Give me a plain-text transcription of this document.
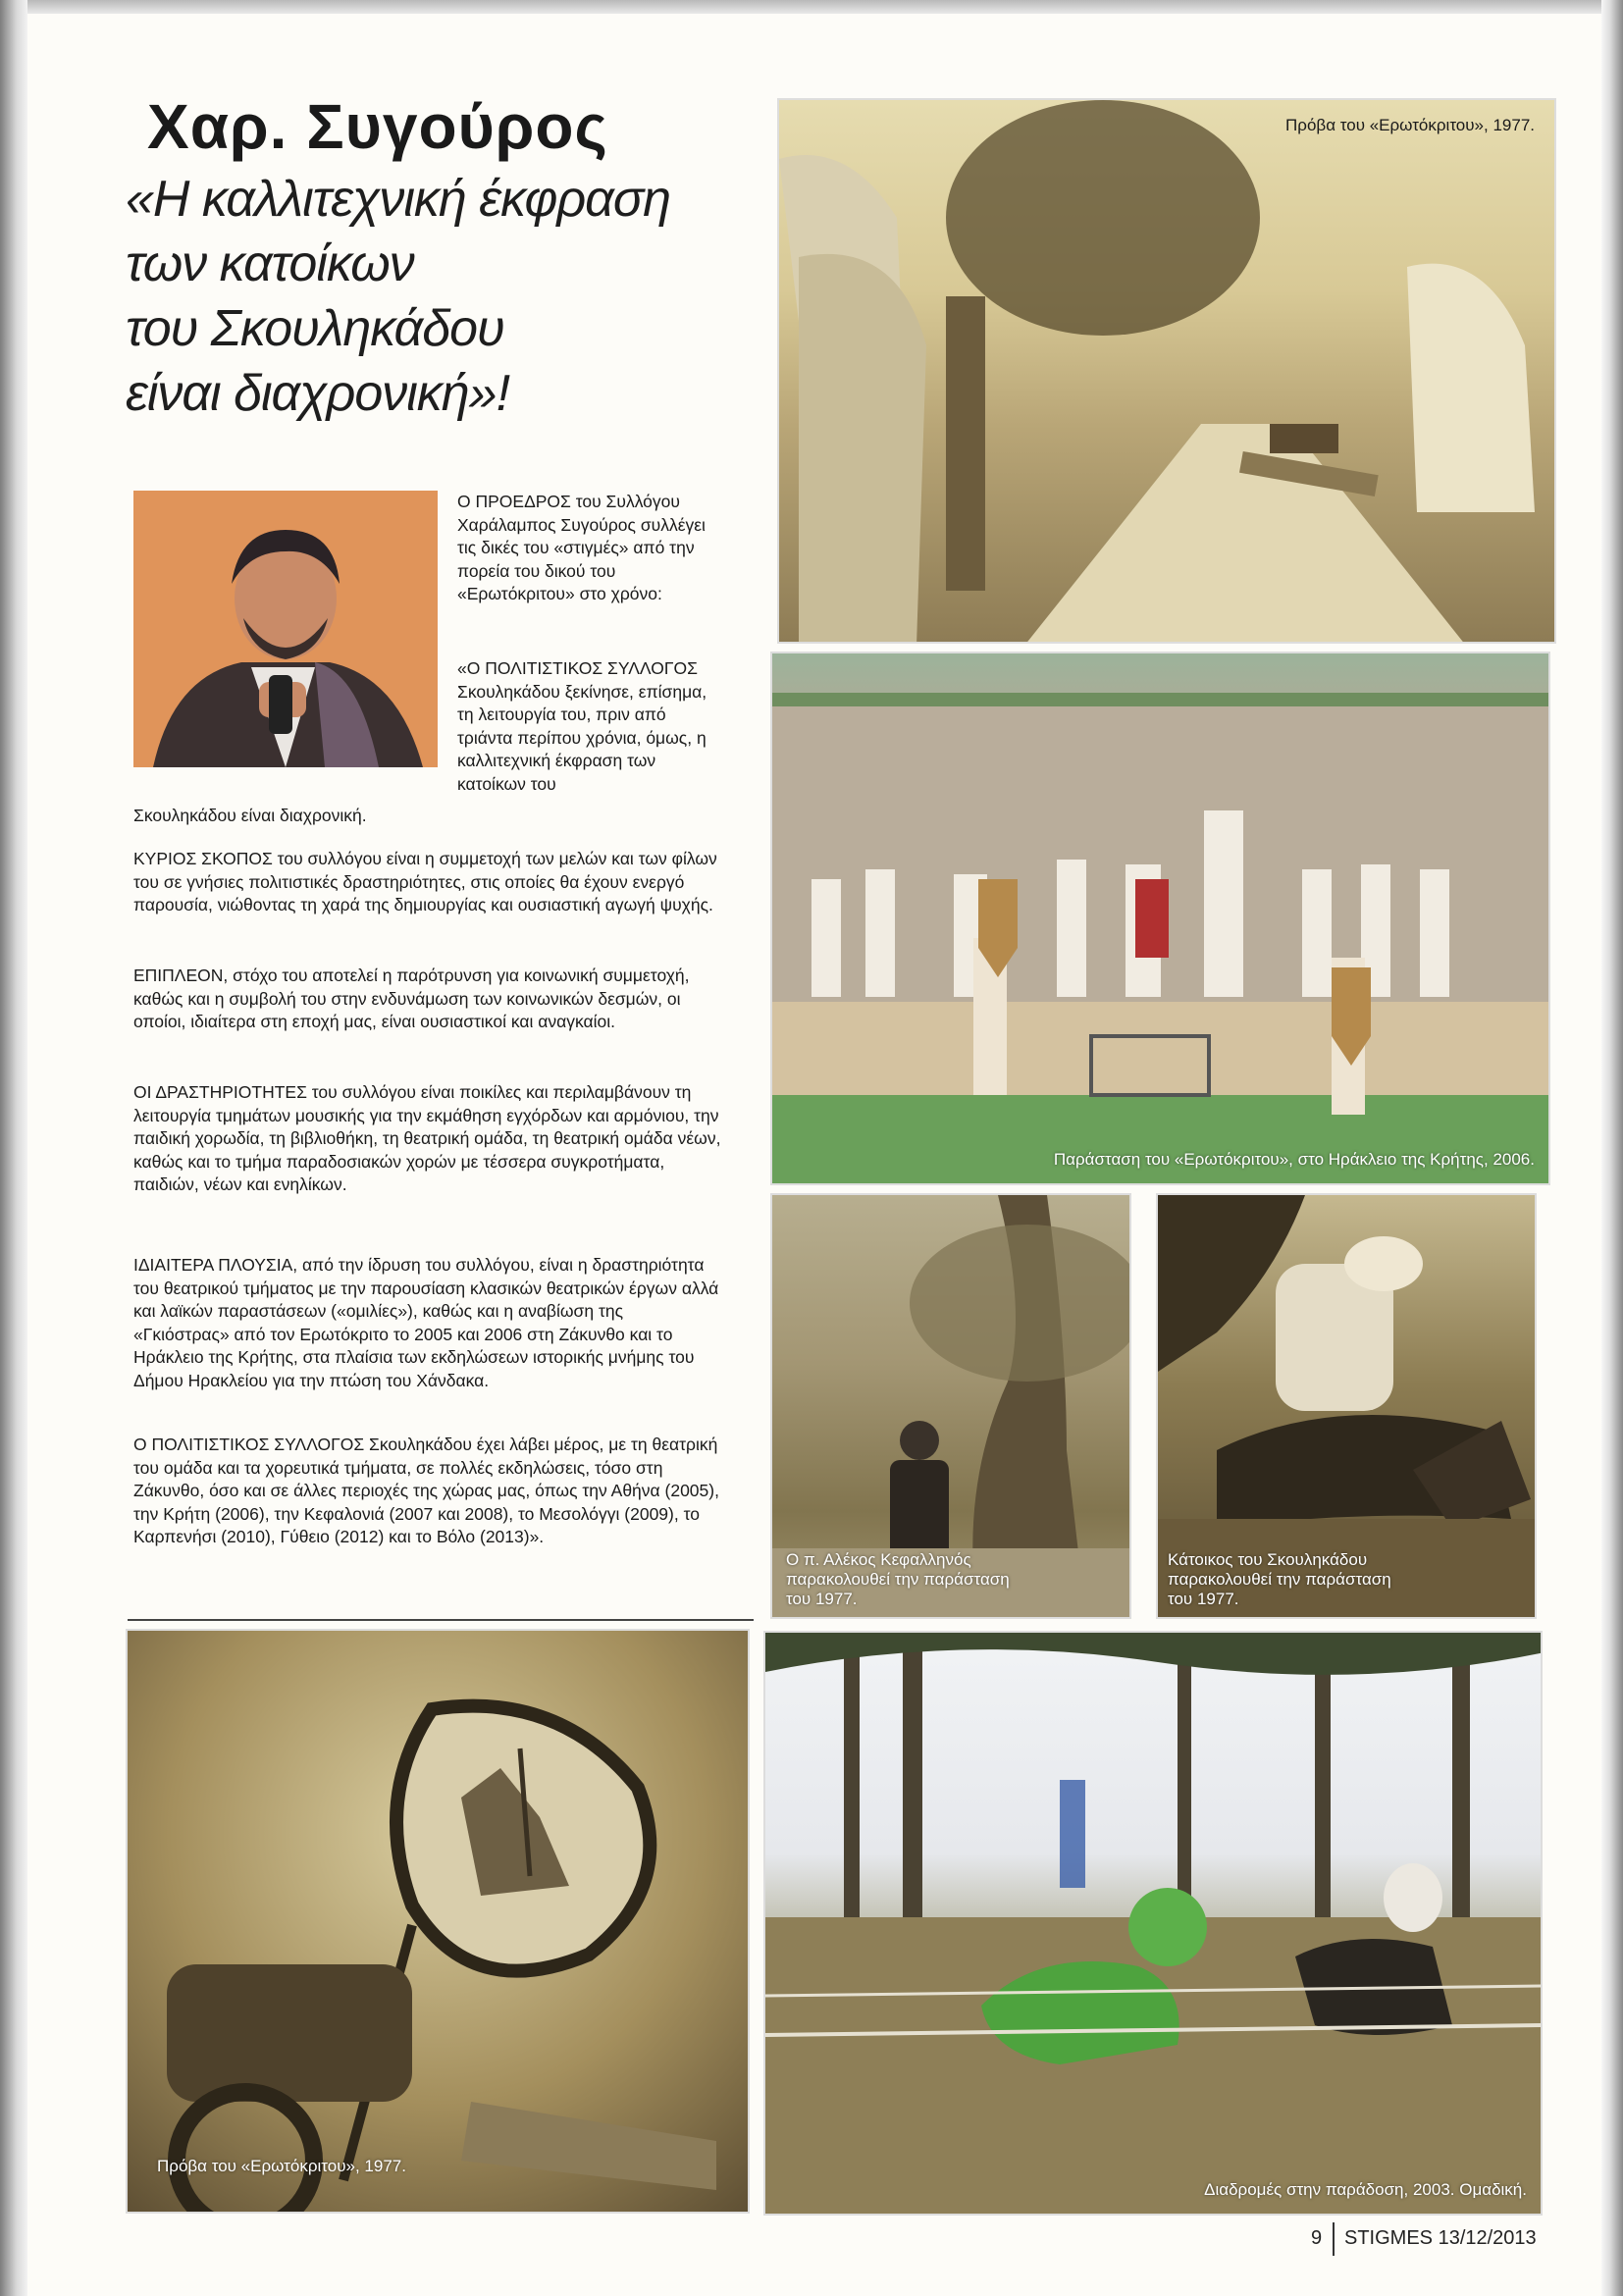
Χαρ. Συγούρος
«Η καλλιτεχνική έκφραση
των κατοίκων
του Σκουληκάδου
είναι διαχρονική»!

Ο ΠΡΟΕΔΡΟΣ του Συλλόγου Χαράλαμπος Συγούρος συλλέγει τις δικές του «στιγμές» από την πορεία του δικού του «Ερωτόκριτου» στο χρόνο:

«Ο ΠΟΛΙΤΙΣΤΙΚΟΣ ΣΥΛΛΟΓΟΣ Σκουληκάδου ξεκίνησε, επίσημα, τη λειτουργία του, πριν από τριάντα περίπου χρόνια, όμως, η καλλιτεχνική έκφραση των κατοίκων του

Σκουληκάδου είναι διαχρονική.

ΚΥΡΙΟΣ ΣΚΟΠΟΣ του συλλόγου είναι η συμμετοχή των μελών και των φίλων του σε γνήσιες πολιτιστικές δραστηριότητες, στις οποίες θα έχουν ενεργό παρουσία, νιώθοντας τη χαρά της δημιουργίας και ουσιαστική αγωγή ψυχής.

ΕΠΙΠΛΕΟΝ, στόχο του αποτελεί η παρότρυνση για κοινωνική συμμετοχή, καθώς και η συμβολή του στην ενδυνάμωση των κοινωνικών δεσμών, οι οποίοι, ιδιαίτερα στη εποχή μας, είναι ουσιαστικοί και αναγκαίοι.

ΟΙ ΔΡΑΣΤΗΡΙΟΤΗΤΕΣ του συλλόγου είναι ποικίλες και περιλαμβάνουν τη λειτουργία τμημάτων μουσικής για την εκμάθηση εγχόρδων και αρμόνιου, την παιδική χορωδία, τη βιβλιοθήκη, τη θεατρική ομάδα, τη θεατρική ομάδα νέων, καθώς και το τμήμα παραδοσιακών χορών με τέσσερα συγκροτήματα, παιδιών, νέων και ενηλίκων.

ΙΔΙΑΙΤΕΡΑ ΠΛΟΥΣΙΑ, από την ίδρυση του συλλόγου, είναι η δραστηριότητα του θεατρικού τμήματος με την παρουσίαση κλασικών θεατρικών έργων αλλά και λαϊκών παραστάσεων («ομιλίες»), καθώς και η αναβίωση της «Γκιόστρας» από τον Ερωτόκριτο το 2005 και 2006 στη Ζάκυνθο και το Ηράκλειο της Κρήτης, στα πλαίσια των εκδηλώσεων ιστορικής μνήμης του Δήμου Ηρακλείου για την πτώση του Χάνδακα.

Ο ΠΟΛΙΤΙΣΤΙΚΟΣ ΣΥΛΛΟΓΟΣ Σκουληκάδου έχει λάβει μέρος, με τη θεατρική του ομάδα και τα χορευτικά τμήματα, σε πολλές εκδηλώσεις, τόσο στη Ζάκυνθο, όσο και σε άλλες περιοχές της χώρας μας, όπως την Αθήνα (2005), την Κρήτη (2006), την Κεφαλονιά (2007 και 2008), το Μεσολόγγι (2009), το Καρπενήσι (2010), Γύθειο (2012) και το Βόλο (2013)».

Πρόβα του «Ερωτόκριτου», 1977.
Παράσταση του «Ερωτόκριτου», στο Ηράκλειο της Κρήτης, 2006.
Ο π. Αλέκος Κεφαλληνός
παρακολουθεί την παράσταση
του 1977.
Κάτοικος του Σκουληκάδου
παρακολουθεί την παράσταση
του 1977.
Πρόβα του «Ερωτόκριτου», 1977.
Διαδρομές στην παράδοση, 2003. Ομαδική.
9 STIGMES 13/12/2013
